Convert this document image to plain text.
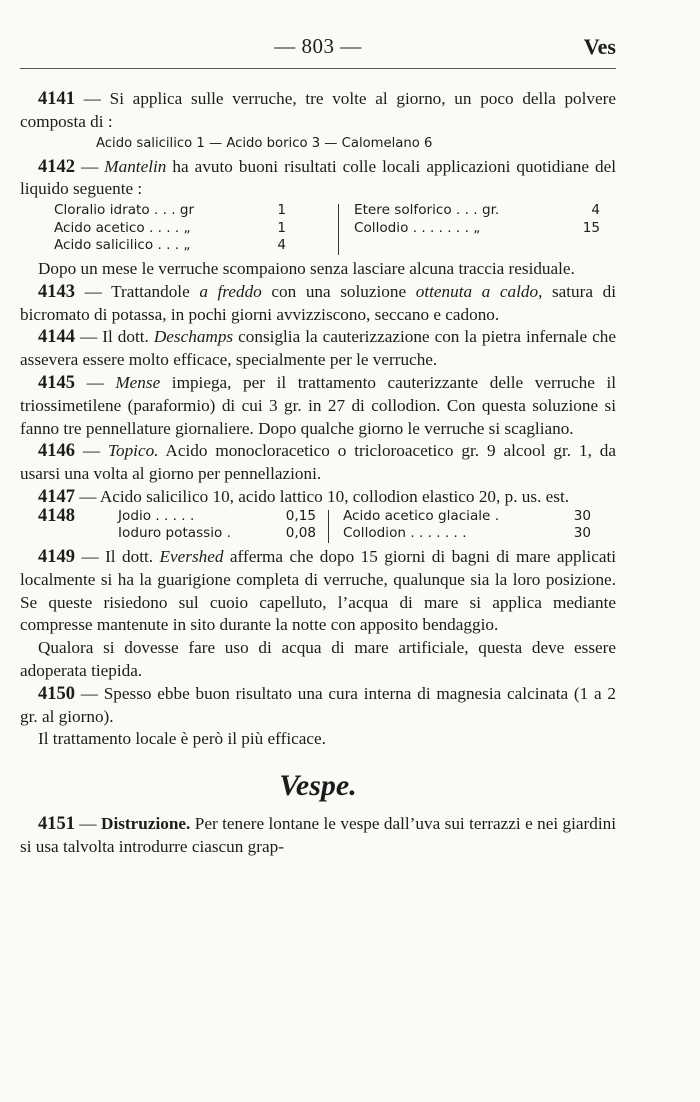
— 803 —	Ves

4141 — Si applica sulle verruche, tre volte al giorno, un poco della polvere composta di :

Acido salicilico 1 — Acido borico 3 — Calomelano 6

4142 — Mantelin ha avuto buoni risultati colle locali applicazioni quotidiane del liquido seguente :

Cloralio idrato . . . gr	1
Acido acetico . . . . „	1
Acido salicilico . . . „	4
Etere solforico . . . gr.	4
Collodio . . . . . . . „	15

Dopo un mese le verruche scompaiono senza lasciare alcuna traccia residuale.

4143 — Trattandole a freddo con una soluzione ottenuta a caldo, satura di bicromato di potassa, in pochi giorni avvizziscono, seccano e cadono.

4144 — Il dott. Deschamps consiglia la cauterizzazione con la pietra infernale che assevera essere molto efficace, specialmente per le verruche.

4145 — Mense impiega, per il trattamento cauterizzante delle verruche il triossimetilene (paraformio) di cui 3 gr. in 27 di collodion. Con questa soluzione si fanno tre pennellature giornaliere. Dopo qualche giorno le verruche si scagliano.

4146 — Topico. Acido monocloracetico o tricloroacetico gr. 9 alcool gr. 1, da usarsi una volta al giorno per pennellazioni.

4147 — Acido salicilico 10, acido lattico 10, collodion elastico 20, p. us. est.

4148	Jodio . . . . .	0,15
Ioduro potassio .	0,08
Acido acetico glaciale .	30
Collodion . . . . . . .	30

4149 — Il dott. Evershed afferma che dopo 15 giorni di bagni di mare applicati localmente si ha la guarigione completa di verruche, qualunque sia la loro posizione. Se queste risiedono sul cuoio capelluto, l’acqua di mare si applica mediante compresse mantenute in sito durante la notte con apposito bendaggio.

Qualora si dovesse fare uso di acqua di mare artificiale, questa deve essere adoperata tiepida.

4150 — Spesso ebbe buon risultato una cura interna di magnesia calcinata (1 a 2 gr. al giorno).

Il trattamento locale è però il più efficace.

Vespe.

4151 — Distruzione. Per tenere lontane le vespe dall’uva sui terrazzi e nei giardini si usa talvolta introdurre ciascun grap-
